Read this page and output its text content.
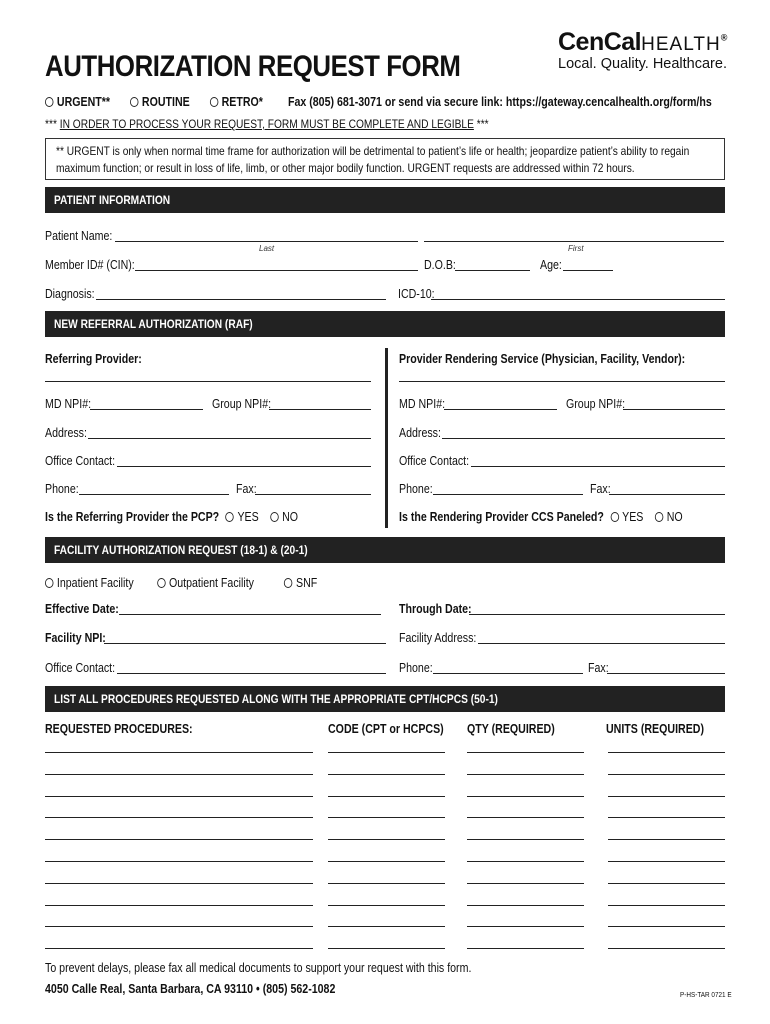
AUTHORIZATION REQUEST FORM
CenCalHEALTH®
Local. Quality. Healthcare.
URGENT**	ROUTINE	RETRO* Fax (805) 681-3071 or send via secure link: https://gateway.cencalhealth.org/form/hs
*** IN ORDER TO PROCESS YOUR REQUEST, FORM MUST BE COMPLETE AND LEGIBLE ***
** URGENT is only when normal time frame for authorization will be detrimental to patient’s life or health; jeopardize patient’s ability to regain maximum function; or result in loss of life, limb, or other major bodily function. URGENT requests are addressed within 72 hours.
PATIENT INFORMATION
Patient Name:
Last	First
Member ID# (CIN):	D.O.B:	Age:
Diagnosis:	ICD-10:
NEW REFERRAL AUTHORIZATION (RAF)
Referring Provider:
MD NPI#:	Group NPI#:
Address:
Office Contact:
Phone:	Fax:
Is the Referring Provider the PCP? YES NO
Provider Rendering Service (Physician, Facility, Vendor):
MD NPI#:	Group NPI#:
Address:
Office Contact:
Phone:	Fax:
Is the Rendering Provider CCS Paneled? YES NO
FACILITY AUTHORIZATION REQUEST (18-1) & (20-1)
Inpatient Facility	Outpatient Facility	SNF
Effective Date:	Through Date:
Facility NPI:	Facility Address:
Office Contact:	Phone:	Fax:
LIST ALL PROCEDURES REQUESTED ALONG WITH THE APPROPRIATE CPT/HCPCS (50-1)
REQUESTED PROCEDURES:	CODE (CPT or HCPCS) QTY (REQUIRED)	UNITS (REQUIRED)
To prevent delays, please fax all medical documents to support your request with this form.
4050 Calle Real, Santa Barbara, CA 93110 • (805) 562-1082	P-HS-TAR 0721 E
